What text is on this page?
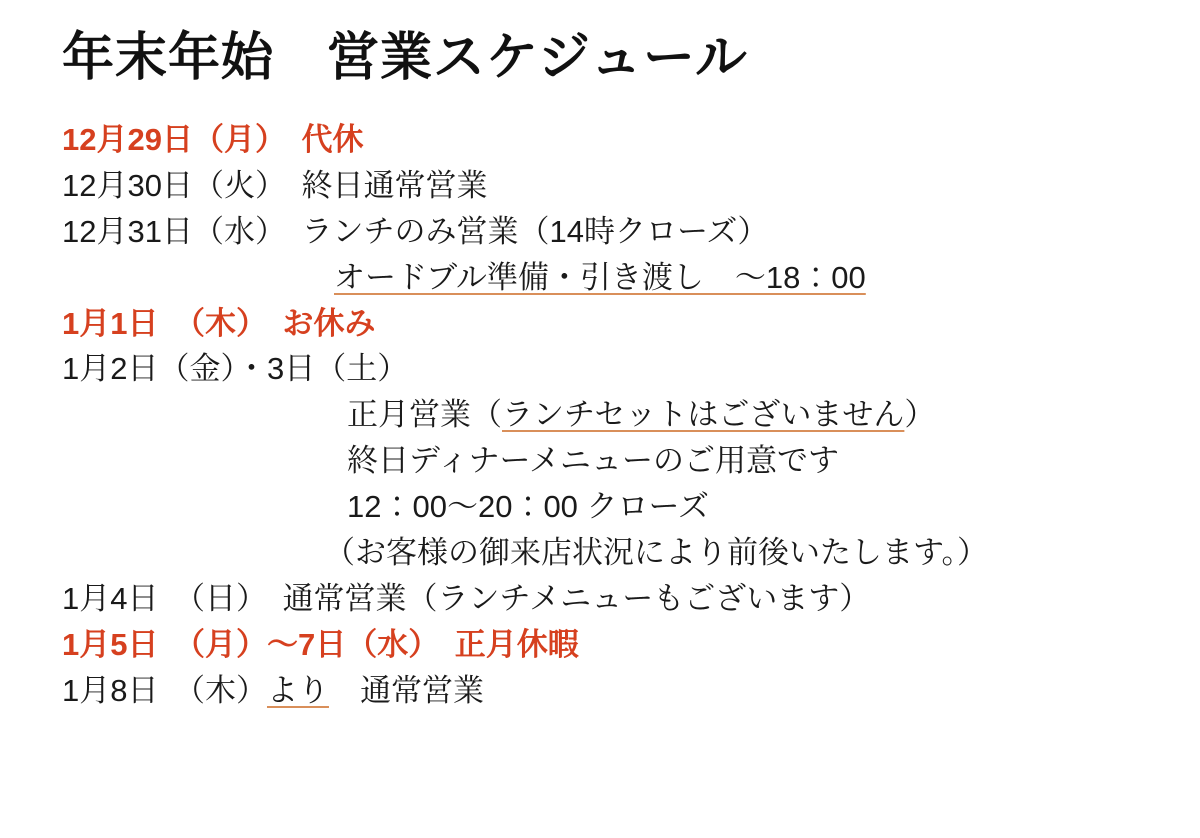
年末年始　営業スケジュール
12月29日（月）　代休
12月30日（火）　終日通常営業
12月31日（水）　ランチのみ営業（14時クローズ）
オードブル準備・引き渡し　〜18：00
1月1日　（木）　お休み
1月2日（金）・3日（土）
正月営業（ランチセットはございません）
終日ディナーメニューのご用意です
12：00〜20：00 クローズ
（お客様の御来店状況により前後いたします。）
1月4日　（日）　通常営業（ランチメニューもございます）
1月5日　（月）〜7日（水）　正月休暇
1月8日　（木）より　通常営業
